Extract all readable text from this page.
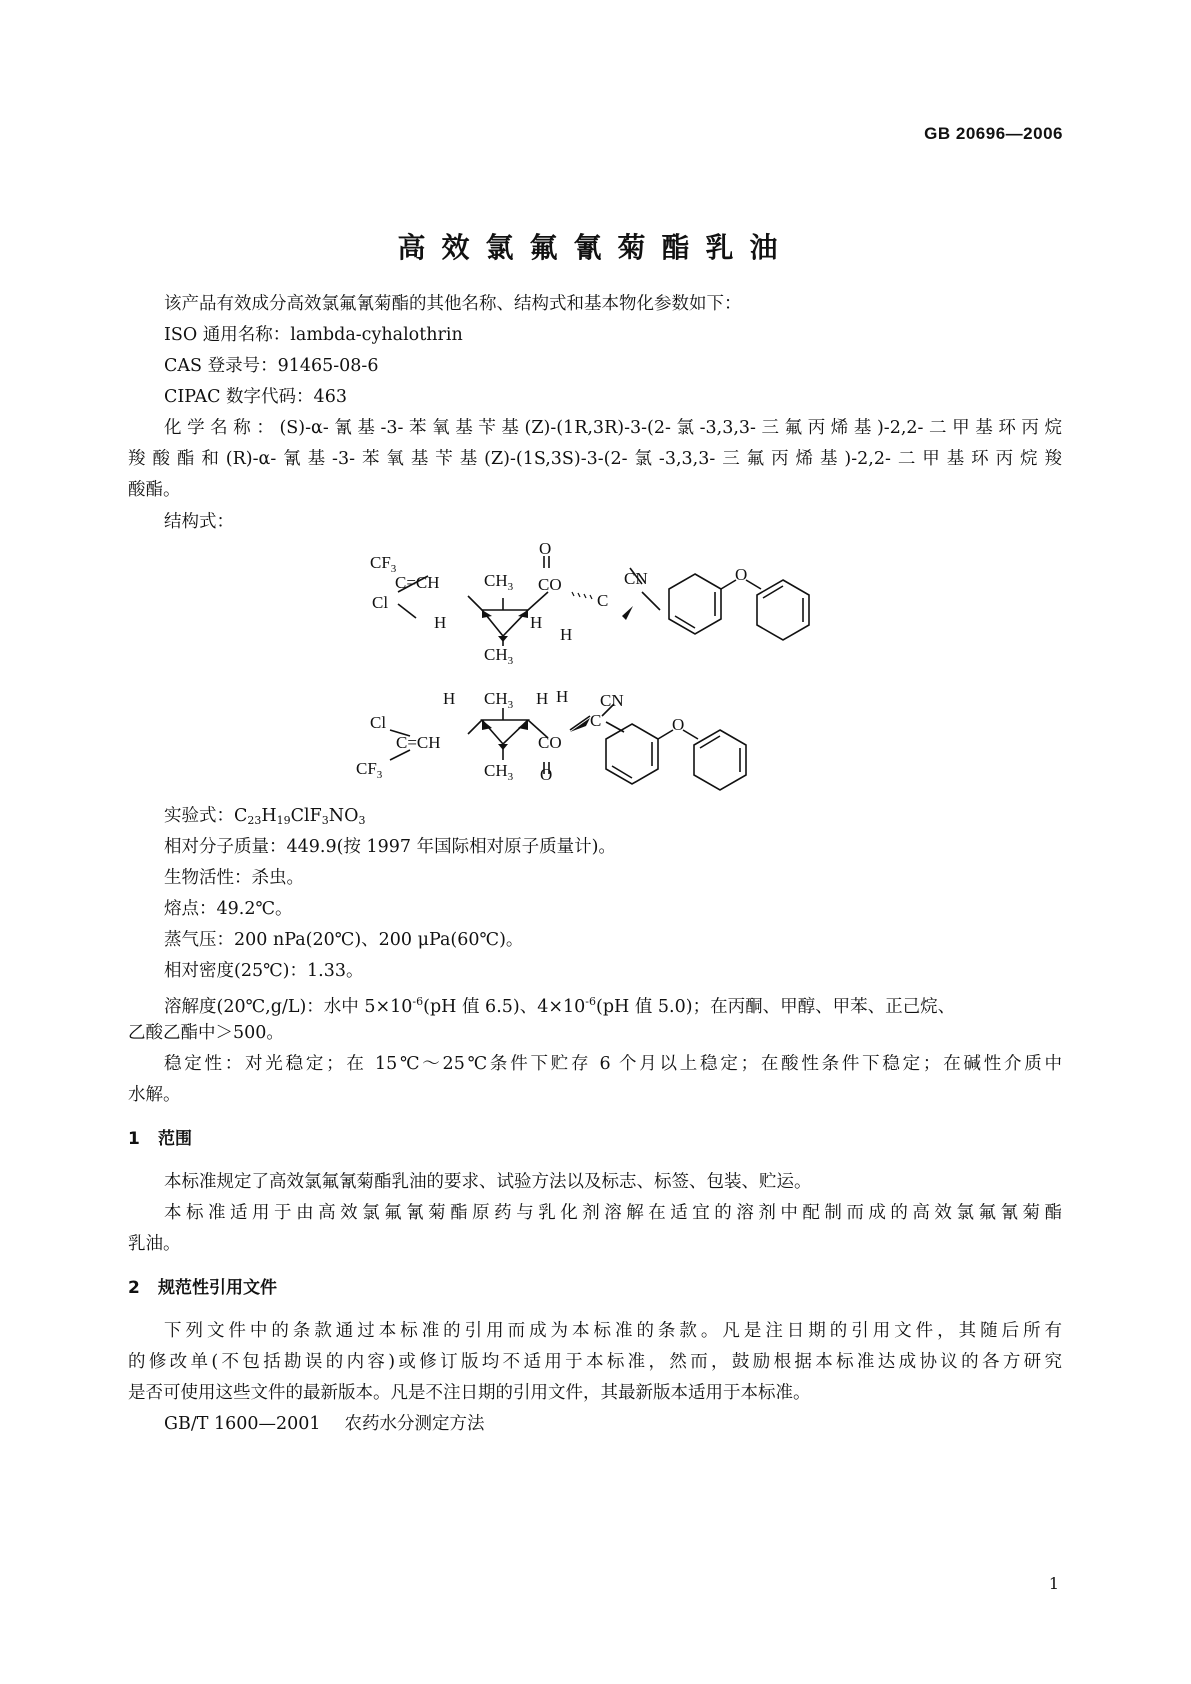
GB 20696—2006
高效氯氟氰菊酯乳油
该产品有效成分高效氯氟氰菊酯的其他名称、结构式和基本物化参数如下：
ISO 通用名称：lambda-cyhalothrin
CAS 登录号：91465-08-6
CIPAC 数字代码：463
化学名称：(S)-α-氰基-3-苯氧基苄基(Z)-(1R,3R)-3-(2-氯-3,3,3-三氟丙烯基)-2,2-二甲基环丙烷
羧酸酯和(R)-α-氰基-3-苯氧基苄基(Z)-(1S,3S)-3-(2-氯-3,3,3-三氟丙烯基)-2,2-二甲基环丙烷羧
酸酯。
结构式：
$CF_3$
C=CH
Cl
$CH_3$
$CH_3$
H	H
O
CO
C
CN
H
O
Cl
C=CH
$CF_3$
H $CH_3$ H
$CH_3$
CO
O
H
C
CN
O
实验式：$C_{23}H_{19}ClF_3NO_3$
相对分子质量：449.9(按 1997 年国际相对原子质量计)。
生物活性：杀虫。
熔点：49.2℃。
蒸气压：200 nPa(20℃)、200 μPa(60℃)。
相对密度(25℃)：1.33。
溶解度(20℃,g/L)：水中 $5\times 10^{-6}(pH$ 值 6.5)、$4\times 10^{-6}(pH$ 值 5.0)；在丙酮、甲醇、甲苯、正己烷、
乙酸乙酯中＞500。
稳定性：对光稳定；在 15℃～25℃条件下贮存 6 个月以上稳定；在酸性条件下稳定；在碱性介质中
水解。
1 范围
本标准规定了高效氯氟氰菊酯乳油的要求、试验方法以及标志、标签、包装、贮运。
本标准适用于由高效氯氟氰菊酯原药与乳化剂溶解在适宜的溶剂中配制而成的高效氯氟氰菊酯
乳油。
2 规范性引用文件
下列文件中的条款通过本标准的引用而成为本标准的条款。凡是注日期的引用文件，其随后所有
的修改单(不包括勘误的内容)或修订版均不适用于本标准，然而，鼓励根据本标准达成协议的各方研究
是否可使用这些文件的最新版本。凡是不注日期的引用文件，其最新版本适用于本标准。
GB/T 1600—2001 农药水分测定方法
1
